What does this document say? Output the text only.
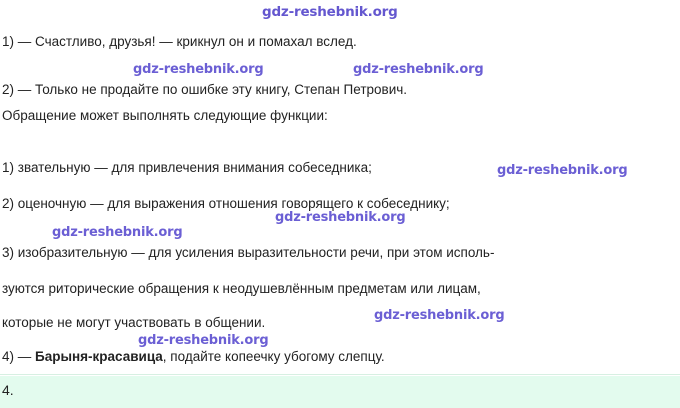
1) — Счастливо, друзья! — крикнул он и помахал вслед.
2) — Только не продайте по ошибке эту книгу, Степан Петрович.
Обращение может выполнять следующие функции:
1) звательную — для привлечения внимания собеседника;
2) оценочную — для выражения отношения говорящего к собеседнику;
3) изобразительную — для усиления выразительности речи, при этом исполь-
зуются риторические обращения к неодушевлённым предметам или лицам,
которые не могут участвовать в общении.
4) — Барыня-красавица, подайте копеечку убогому слепцу.
gdz-reshebnik.org
gdz-reshebnik.org	gdz-reshebnik.org
gdz-reshebnik.org
gdz-reshebnik.org
gdz-reshebnik.org
gdz-reshebnik.org
gdz-reshebnik.org
4.
